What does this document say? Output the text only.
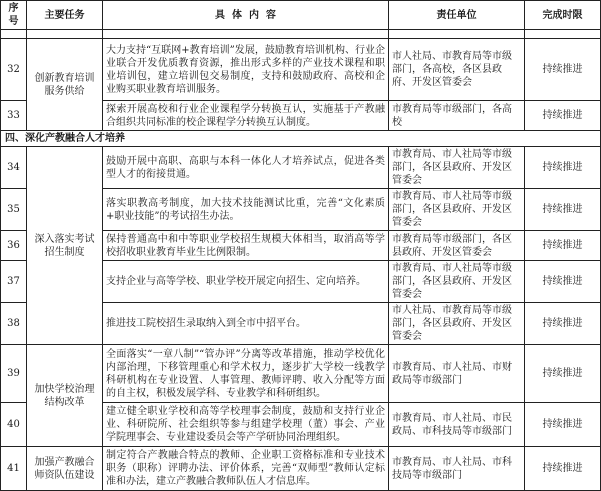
序号	主要任务	具  体  内  容	责任单位	完成时限

32	创新教育培训服务供给	大力支持“互联网+教育培训”发展，鼓励教育培训机构、行业企业联合开发优质教育资源，推出形式多样的产业技术课程和职业培训包，建立培训包交易制度，支持和鼓励政府、高校和企业购买职业教育培训服务。	市人社局、市教育局等市级部门，各高校，各区县政府、开发区管委会	持续推进
33		探索开展高校和行业企业课程学分转换互认，实施基于产教融合组织共同标准的校企课程学分转换互认制度。	市教育局等市级部门，各高校	持续推进
四、深化产教融合人才培养				
34	深入落实考试招生制度	鼓励开展中高职、高职与本科一体化人才培养试点，促进各类型人才的衔接贯通。	市教育局、市人社局等市级部门，各区县政府、开发区管委会	持续推进
35		落实职教高考制度，加大技术技能测试比重，完善“文化素质+职业技能”的考试招生办法。	市教育局、市人社局等市级部门，各区县政府、开发区管委会	持续推进
36		保持普通高中和中等职业学校招生规模大体相当，取消高等学校招收职业教育毕业生比例限制。	市教育局等市级部门，各区县政府、开发区管委会	持续推进
37		支持企业与高等学校、职业学校开展定向招生、定向培养。	市教育局、市人社局等市级部门，各区县政府、开发区管委会	持续推进
38		推进技工院校招生录取纳入到全市中招平台。	市人社局、市教育局等市级部门，各区县政府、开发区管委会	持续推进
39	加快学校治理结构改革	全面落实“一章八制”“管办评”分离等改革措施，推动学校优化内部治理，下移管理重心和学术权力，逐步扩大学校一线教学科研机构在专业设置、人事管理、教师评聘、收入分配等方面的自主权，积极发展学科、专业教学和科研组织。	市教育局、市人社局、市财政局等市级部门	持续推进
40		建立健全职业学校和高等学校理事会制度，鼓励和支持行业企业、科研院所、社会组织等参与组建学校理（董）事会、产业学院理事会、专业建设委员会等产学研协同治理组织。	市教育局、市人社局、市民政局、市科技局等市级部门	持续推进
41	加强产教融合师资队伍建设	制定符合产教融合特点的教师、企业职工资格标准和专业技术职务（职称）评聘办法、评价体系，完善“双师型”教师认定标准和办法，建立产教融合教师队伍人才信息库。	市教育局、市人社局、市科技局等市级部门	持续推进
